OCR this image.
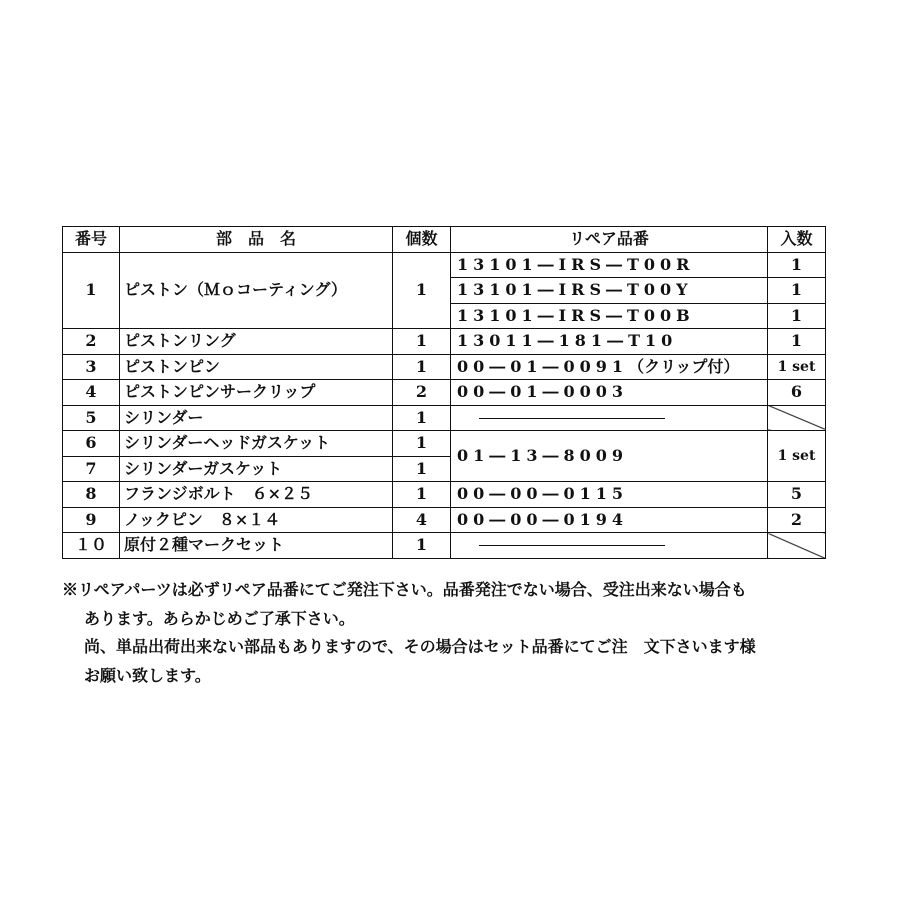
番号	部　品　名	個数	リペア品番	入数
1	ピストン（Ｍｏコーティング）	1	13101―IRS―T00R	1
			13101―IRS―T00Y	1
			13101―IRS―T00B	1
2	ピストンリング	1	13011―181―T10	1
3	ピストンピン	1	00―01―0091（クリップ付）	1 set
4	ピストンピンサークリップ	2	00―01―0003	6
5	シリンダー	1		
6	シリンダーヘッドガスケット	1	01―13―8009	1 set
7	シリンダーガスケット	1		
8	フランジボルト　６×２５	1	00―00―0115	5
9	ノックピン　８×１４	4	00―00―0194	2
１０	原付２種マークセット	1		

※リペアパーツは必ずリペア品番にてご発注下さい。品番発注でない場合、受注出来ない場合も

あります。あらかじめご了承下さい。

尚、単品出荷出来ない部品もありますので、その場合はセット品番にてご注　文下さいます様

お願い致します。
